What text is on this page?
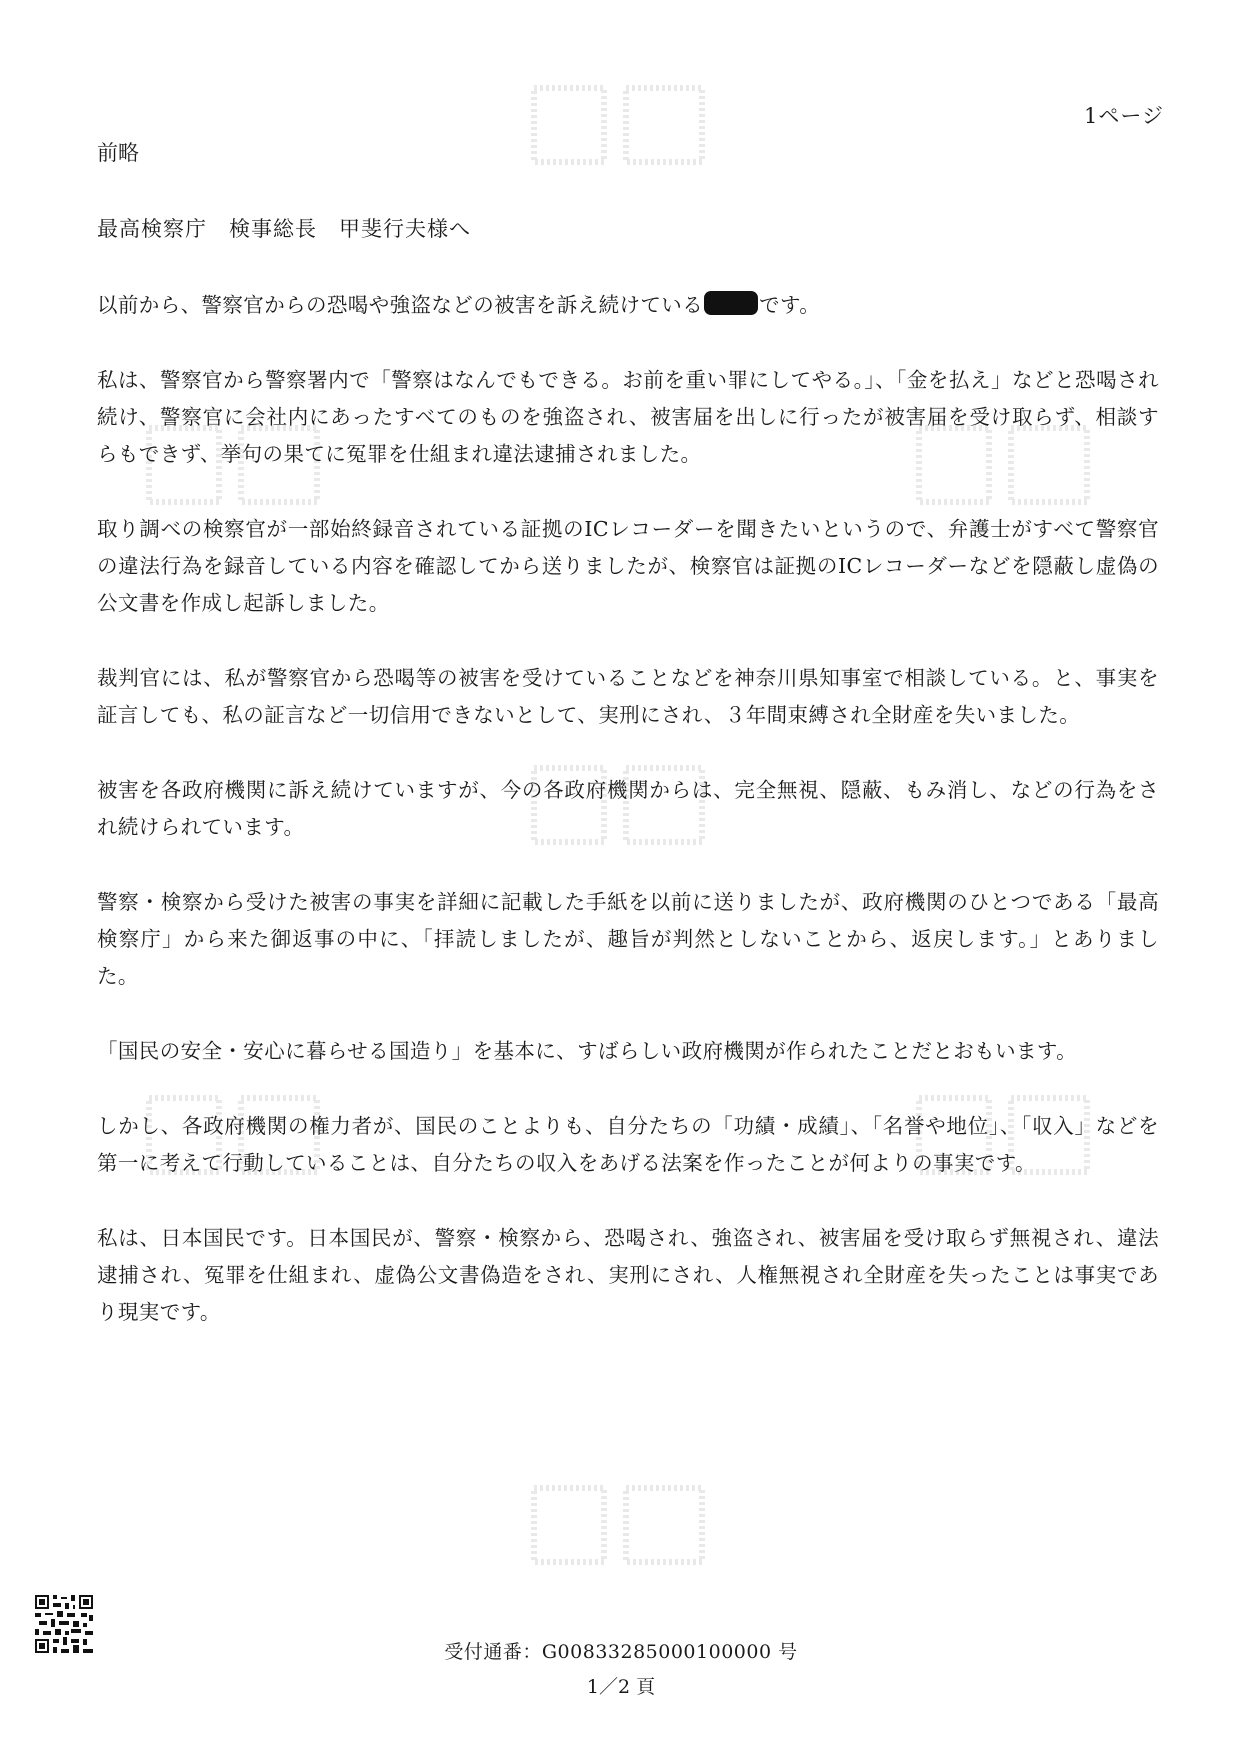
1ページ
前略
最高検察庁　検事総長　甲斐行夫様へ

以前から、警察官からの恐喝や強盗などの被害を訴え続けている	です。

私は、警察官から警察署内で「警察はなんでもできる。お前を重い罪にしてやる。」、「金を払え」などと恐喝され続け、警察官に会社内にあったすべてのものを強盗され、被害届を出しに行ったが被害届を受け取らず、相談すらもできず、挙句の果てに冤罪を仕組まれ違法逮捕されました。

取り調べの検察官が一部始終録音されている証拠のICレコーダーを聞きたいというので、弁護士がすべて警察官の違法行為を録音している内容を確認してから送りましたが、検察官は証拠のICレコーダーなどを隠蔽し虚偽の公文書を作成し起訴しました。

裁判官には、私が警察官から恐喝等の被害を受けていることなどを神奈川県知事室で相談している。と、事実を証言しても、私の証言など一切信用できないとして、実刑にされ、３年間束縛され全財産を失いました。

被害を各政府機関に訴え続けていますが、今の各政府機関からは、完全無視、隠蔽、もみ消し、などの行為をされ続けられています。

警察・検察から受けた被害の事実を詳細に記載した手紙を以前に送りましたが、政府機関のひとつである「最高検察庁」から来た御返事の中に、「拝読しましたが、趣旨が判然としないことから、返戻します。」とありました。

「国民の安全・安心に暮らせる国造り」を基本に、すばらしい政府機関が作られたことだとおもいます。

しかし、各政府機関の権力者が、国民のことよりも、自分たちの「功績・成績」、「名誉や地位」、「収入」などを第一に考えて行動していることは、自分たちの収入をあげる法案を作ったことが何よりの事実です。

私は、日本国民です。日本国民が、警察・検察から、恐喝され、強盗され、被害届を受け取らず無視され、違法逮捕され、冤罪を仕組まれ、虚偽公文書偽造をされ、実刑にされ、人権無視され全財産を失ったことは事実であり現実です。

受付通番：G00833285000100000 号
1／2 頁
